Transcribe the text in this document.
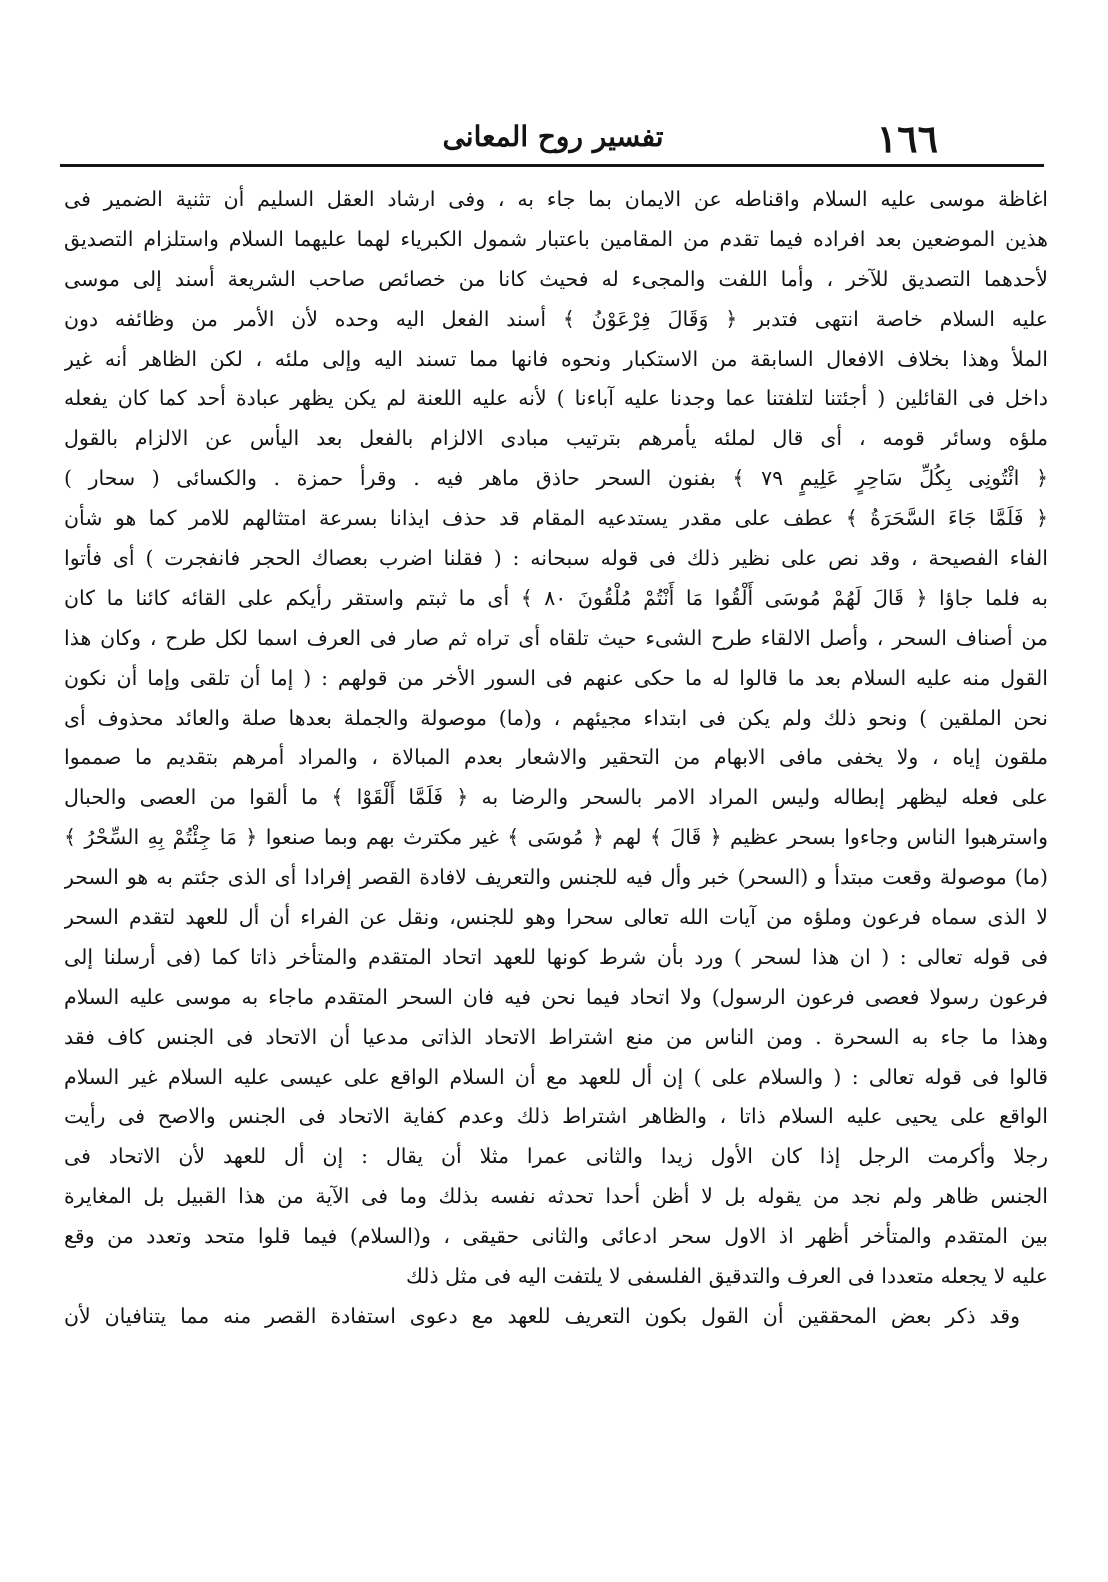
١٦٦
تفسير روح المعانى
اغاظة موسى عليه السلام واقناطه عن الايمان بما جاء به ، وفى ارشاد العقل السليم أن تثنية الضمير فى
هذين الموضعين بعد افراده فيما تقدم من المقامين باعتبار شمول الكبرياء لهما عليهما السلام واستلزام التصديق
لأحدهما التصديق للآخر ، وأما اللفت والمجىء له فحيث كانا من خصائص صاحب الشريعة أسند إلى موسى
عليه السلام خاصة انتهى فتدبر ﴿ وَقَالَ فِرْعَوْنُ ﴾ أسند الفعل اليه وحده لأن الأمر من وظائفه دون
الملأ وهذا بخلاف الافعال السابقة من الاستكبار ونحوه فانها مما تسند اليه وإلى ملئه ، لكن الظاهر أنه غير
داخل فى القائلين ( أجئتنا لتلفتنا عما وجدنا عليه آباءنا ) لأنه عليه اللعنة لم يكن يظهر عبادة أحد كما كان يفعله
ملؤه وسائر قومه ، أى قال لملئه يأمرهم بترتيب مبادى الالزام بالفعل بعد اليأس عن الالزام بالقول
﴿ ائْتُونِى بِكُلِّ سَاحِرٍ عَلِيمٍ ٧٩ ﴾ بفنون السحر حاذق ماهر فيه . وقرأ حمزة . والكسائى ( سحار )
﴿ فَلَمَّا جَاءَ السَّحَرَةُ ﴾ عطف على مقدر يستدعيه المقام قد حذف ايذانا بسرعة امتثالهم للامر كما هو شأن
الفاء الفصيحة ، وقد نص على نظير ذلك فى قوله سبحانه : ( فقلنا اضرب بعصاك الحجر فانفجرت ) أى فأتوا
به فلما جاؤا ﴿ قَالَ لَهُمْ مُوسَى أَلْقُوا مَا أَنْتُمْ مُلْقُونَ ٨٠ ﴾ أى ما ثبتم واستقر رأيكم على القائه كائنا ما كان
من أصناف السحر ، وأصل الالقاء طرح الشىء حيث تلقاه أى تراه ثم صار فى العرف اسما لكل طرح ، وكان هذا
القول منه عليه السلام بعد ما قالوا له ما حكى عنهم فى السور الأخر من قولهم : ( إما أن تلقى وإما أن نكون
نحن الملقين ) ونحو ذلك ولم يكن فى ابتداء مجيئهم ، و(ما) موصولة والجملة بعدها صلة والعائد محذوف أى
ملقون إياه ، ولا يخفى مافى الابهام من التحقير والاشعار بعدم المبالاة ، والمراد أمرهم بتقديم ما صمموا
على فعله ليظهر إبطاله وليس المراد الامر بالسحر والرضا به ﴿ فَلَمَّا أَلْقَوْا ﴾ ما ألقوا من العصى والحبال
واسترهبوا الناس وجاءوا بسحر عظيم ﴿ قَالَ ﴾ لهم ﴿ مُوسَى ﴾ غير مكترث بهم وبما صنعوا ﴿ مَا جِئْتُمْ بِهِ السِّحْرُ ﴾
(ما) موصولة وقعت مبتدأ و (السحر) خبر وأل فيه للجنس والتعريف لافادة القصر إفرادا أى الذى جئتم به هو السحر
لا الذى سماه فرعون وملؤه من آيات الله تعالى سحرا وهو للجنس، ونقل عن الفراء أن أل للعهد لتقدم السحر
فى قوله تعالى : ( ان هذا لسحر ) ورد بأن شرط كونها للعهد اتحاد المتقدم والمتأخر ذاتا كما (فى أرسلنا إلى
فرعون رسولا فعصى فرعون الرسول) ولا اتحاد فيما نحن فيه فان السحر المتقدم ماجاء به موسى عليه السلام
وهذا ما جاء به السحرة . ومن الناس من منع اشتراط الاتحاد الذاتى مدعيا أن الاتحاد فى الجنس كاف فقد
قالوا فى قوله تعالى : ( والسلام على ) إن أل للعهد مع أن السلام الواقع على عيسى عليه السلام غير السلام
الواقع على يحيى عليه السلام ذاتا ، والظاهر اشتراط ذلك وعدم كفاية الاتحاد فى الجنس والاصح فى رأيت
رجلا وأكرمت الرجل إذا كان الأول زيدا والثانى عمرا مثلا أن يقال : إن أل للعهد لأن الاتحاد فى
الجنس ظاهر ولم نجد من يقوله بل لا أظن أحدا تحدثه نفسه بذلك وما فى الآية من هذا القبيل بل المغايرة
بين المتقدم والمتأخر أظهر اذ الاول سحر ادعائى والثانى حقيقى ، و(السلام) فيما قلوا متحد وتعدد من وقع
عليه لا يجعله متعددا فى العرف والتدقيق الفلسفى لا يلتفت اليه فى مثل ذلك
وقد ذكر بعض المحققين أن القول بكون التعريف للعهد مع دعوى استفادة القصر منه مما يتنافيان لأن
